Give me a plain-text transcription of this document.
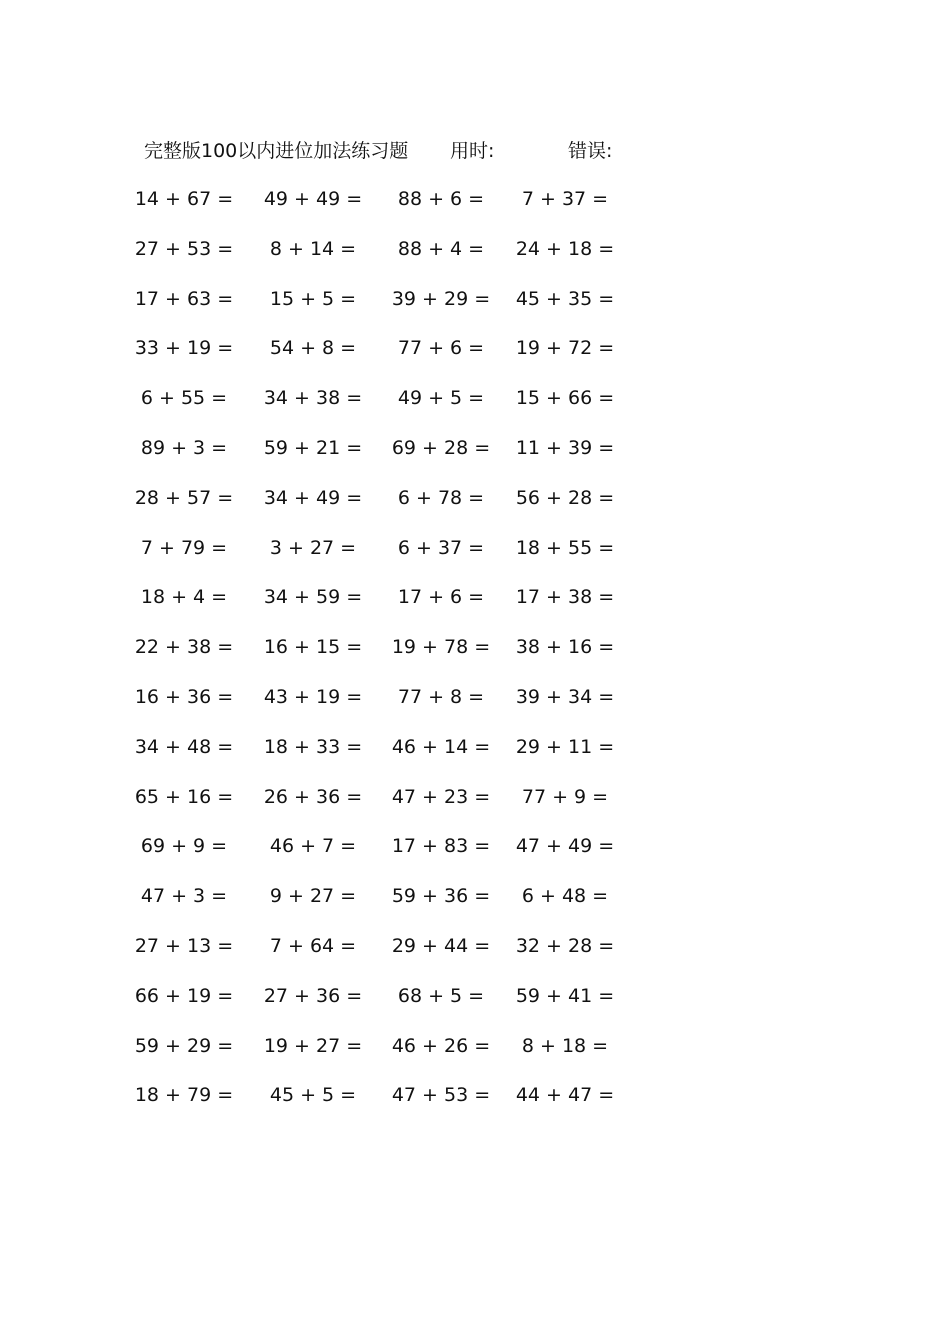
完整版100以内进位加法练习题 用时:	错误:
14 + 67 =	49 + 49 =	88 + 6 =	7 + 37 =
27 + 53 =	8 + 14 =	88 + 4 =	24 + 18 =
17 + 63 =	15 + 5 =	39 + 29 =	45 + 35 =
33 + 19 =	54 + 8 =	77 + 6 =	19 + 72 =
6 + 55 =	34 + 38 =	49 + 5 =	15 + 66 =
89 + 3 =	59 + 21 =	69 + 28 =	11 + 39 =
28 + 57 =	34 + 49 =	6 + 78 =	56 + 28 =
7 + 79 =	3 + 27 =	6 + 37 =	18 + 55 =
18 + 4 =	34 + 59 =	17 + 6 =	17 + 38 =
22 + 38 =	16 + 15 =	19 + 78 =	38 + 16 =
16 + 36 =	43 + 19 =	77 + 8 =	39 + 34 =
34 + 48 =	18 + 33 =	46 + 14 =	29 + 11 =
65 + 16 =	26 + 36 =	47 + 23 =	77 + 9 =
69 + 9 =	46 + 7 =	17 + 83 =	47 + 49 =
47 + 3 =	9 + 27 =	59 + 36 =	6 + 48 =
27 + 13 =	7 + 64 =	29 + 44 =	32 + 28 =
66 + 19 =	27 + 36 =	68 + 5 =	59 + 41 =
59 + 29 =	19 + 27 =	46 + 26 =	8 + 18 =
18 + 79 =	45 + 5 =	47 + 53 =	44 + 47 =
